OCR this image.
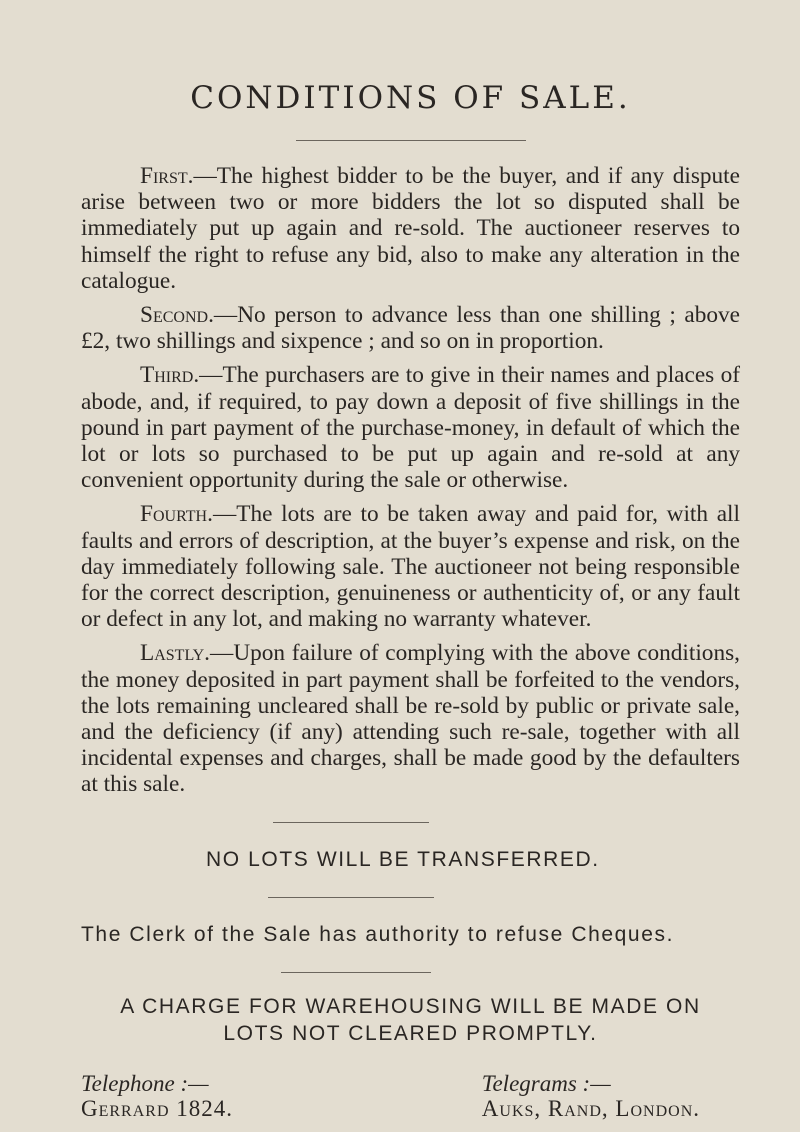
CONDITIONS OF SALE.

First.—The highest bidder to be the buyer, and if any dispute arise between two or more bidders the lot so disputed shall be immediately put up again and re-sold. The auctioneer reserves to himself the right to refuse any bid, also to make any alteration in the catalogue.

Second.—No person to advance less than one shilling ; above £2, two shillings and sixpence ; and so on in proportion.

Third.—The purchasers are to give in their names and places of abode, and, if required, to pay down a deposit of five shillings in the pound in part payment of the purchase-money, in default of which the lot or lots so purchased to be put up again and re-sold at any convenient opportunity during the sale or otherwise.

Fourth.—The lots are to be taken away and paid for, with all faults and errors of description, at the buyer’s expense and risk, on the day immediately following sale. The auctioneer not being responsible for the correct description, genuineness or authenticity of, or any fault or defect in any lot, and making no warranty whatever.

Lastly.—Upon failure of complying with the above conditions, the money deposited in part payment shall be forfeited to the vendors, the lots remaining uncleared shall be re-sold by public or private sale, and the deficiency (if any) attending such re-sale, together with all incidental expenses and charges, shall be made good by the defaulters at this sale.

NO LOTS WILL BE TRANSFERRED.

The Clerk of the Sale has authority to refuse Cheques.

A CHARGE FOR WAREHOUSING WILL BE MADE ON

LOTS NOT CLEARED PROMPTLY.

Telephone :—
Gerrard 1824.
Telegrams :—
Auks, Rand, London.
